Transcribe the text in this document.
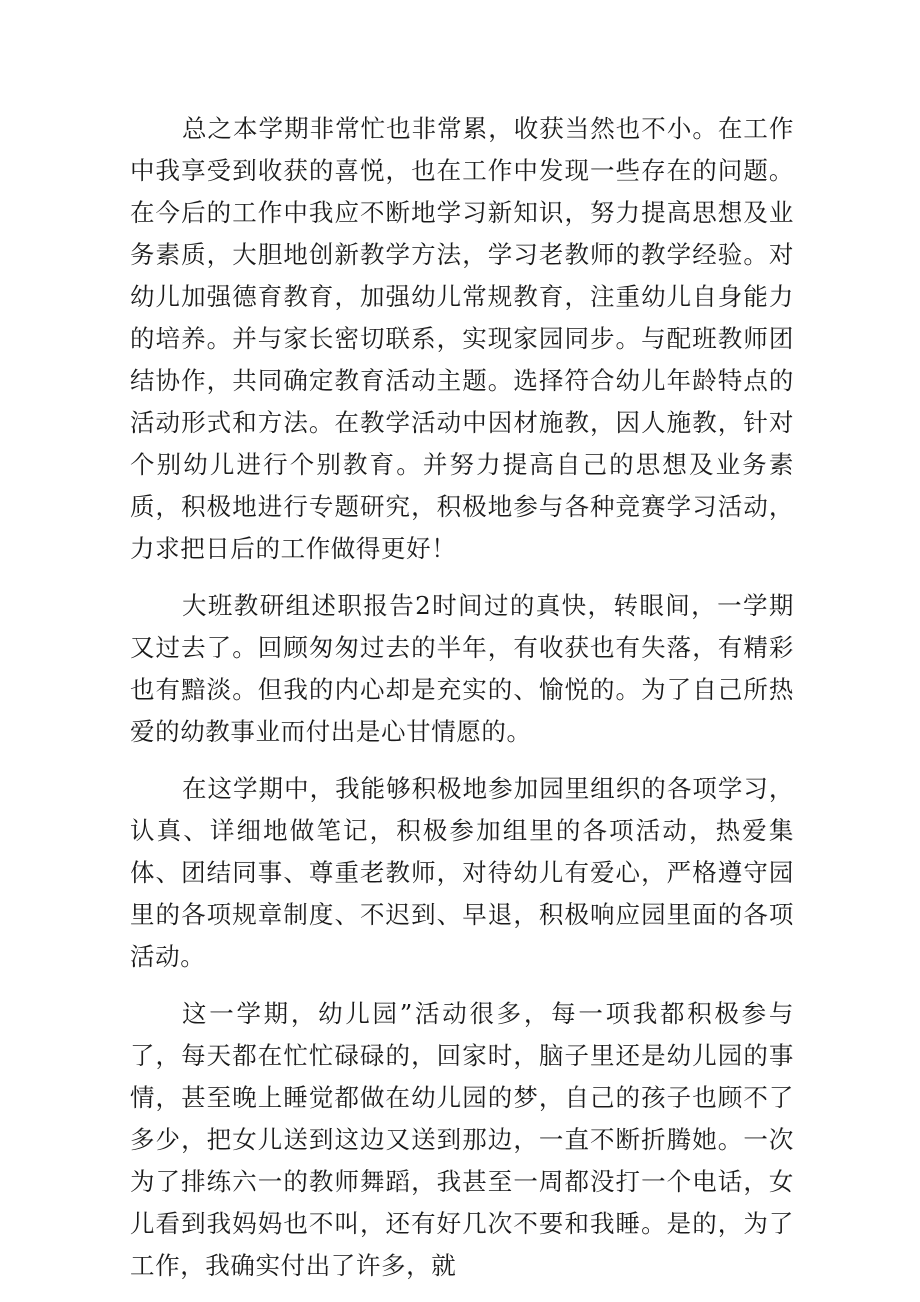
总之本学期非常忙也非常累，收获当然也不小。在工作中我享受到收获的喜悦，也在工作中发现一些存在的问题。在今后的工作中我应不断地学习新知识，努力提高思想及业务素质，大胆地创新教学方法，学习老教师的教学经验。对幼儿加强德育教育，加强幼儿常规教育，注重幼儿自身能力的培养。并与家长密切联系，实现家园同步。与配班教师团结协作，共同确定教育活动主题。选择符合幼儿年龄特点的活动形式和方法。在教学活动中因材施教，因人施教，针对个别幼儿进行个别教育。并努力提高自己的思想及业务素质，积极地进行专题研究，积极地参与各种竞赛学习活动，力求把日后的工作做得更好！

大班教研组述职报告2时间过的真快，转眼间，一学期又过去了。回顾匆匆过去的半年，有收获也有失落，有精彩也有黯淡。但我的内心却是充实的、愉悦的。为了自己所热爱的幼教事业而付出是心甘情愿的。

在这学期中，我能够积极地参加园里组织的各项学习，认真、详细地做笔记，积极参加组里的各项活动，热爱集体、团结同事、尊重老教师，对待幼儿有爱心，严格遵守园里的各项规章制度、不迟到、早退，积极响应园里面的各项活动。

这一学期，幼儿园”活动很多，每一项我都积极参与了，每天都在忙忙碌碌的，回家时，脑子里还是幼儿园的事情，甚至晚上睡觉都做在幼儿园的梦，自己的孩子也顾不了多少，把女儿送到这边又送到那边，一直不断折腾她。一次为了排练六一的教师舞蹈，我甚至一周都没打一个电话，女儿看到我妈妈也不叫，还有好几次不要和我睡。是的，为了工作，我确实付出了许多，就
